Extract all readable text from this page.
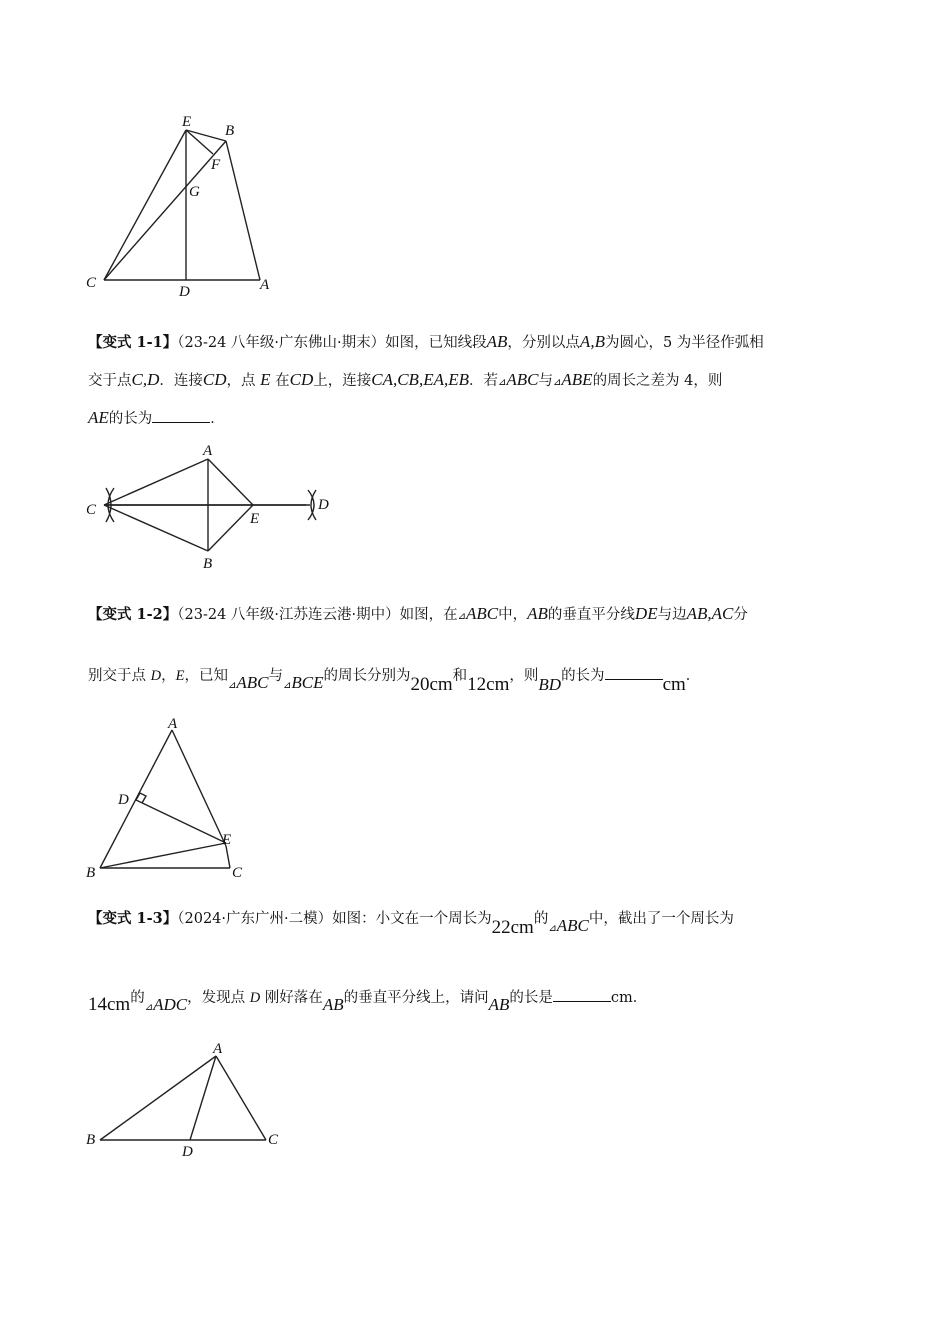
E
B
F
G
C
D	A
【变式 1-1】（23-24 八年级·广东佛山·期末）如图，已知线段AB，分别以点A,B为圆心，5 为半径作弧相
交于点C,D．连接CD，点 E 在CD上，连接CA,CB,EA,EB．若⊿ABC与⊿ABE的周长之差为 4，则
AE的长为	．
A
C
E
D
B
【变式 1-2】（23-24 八年级·江苏连云港·期中）如图，在⊿ABC中，AB的垂直平分线DE与边AB,AC分
别交于点 D，E，已知$_⊿$ABC与$_⊿$BCE的周长分别为20cm和12cm，则BD的长为	cm．
A
D
E
B	C
【变式 1-3】（2024·广东广州·二模）如图：小文在一个周长为22cm的$_⊿$ABC中，截出了一个周长为
14cm的$_⊿$ADC，发现点 D 刚好落在AB的垂直平分线上，请问AB的长是	cm．
A
B
D
C
